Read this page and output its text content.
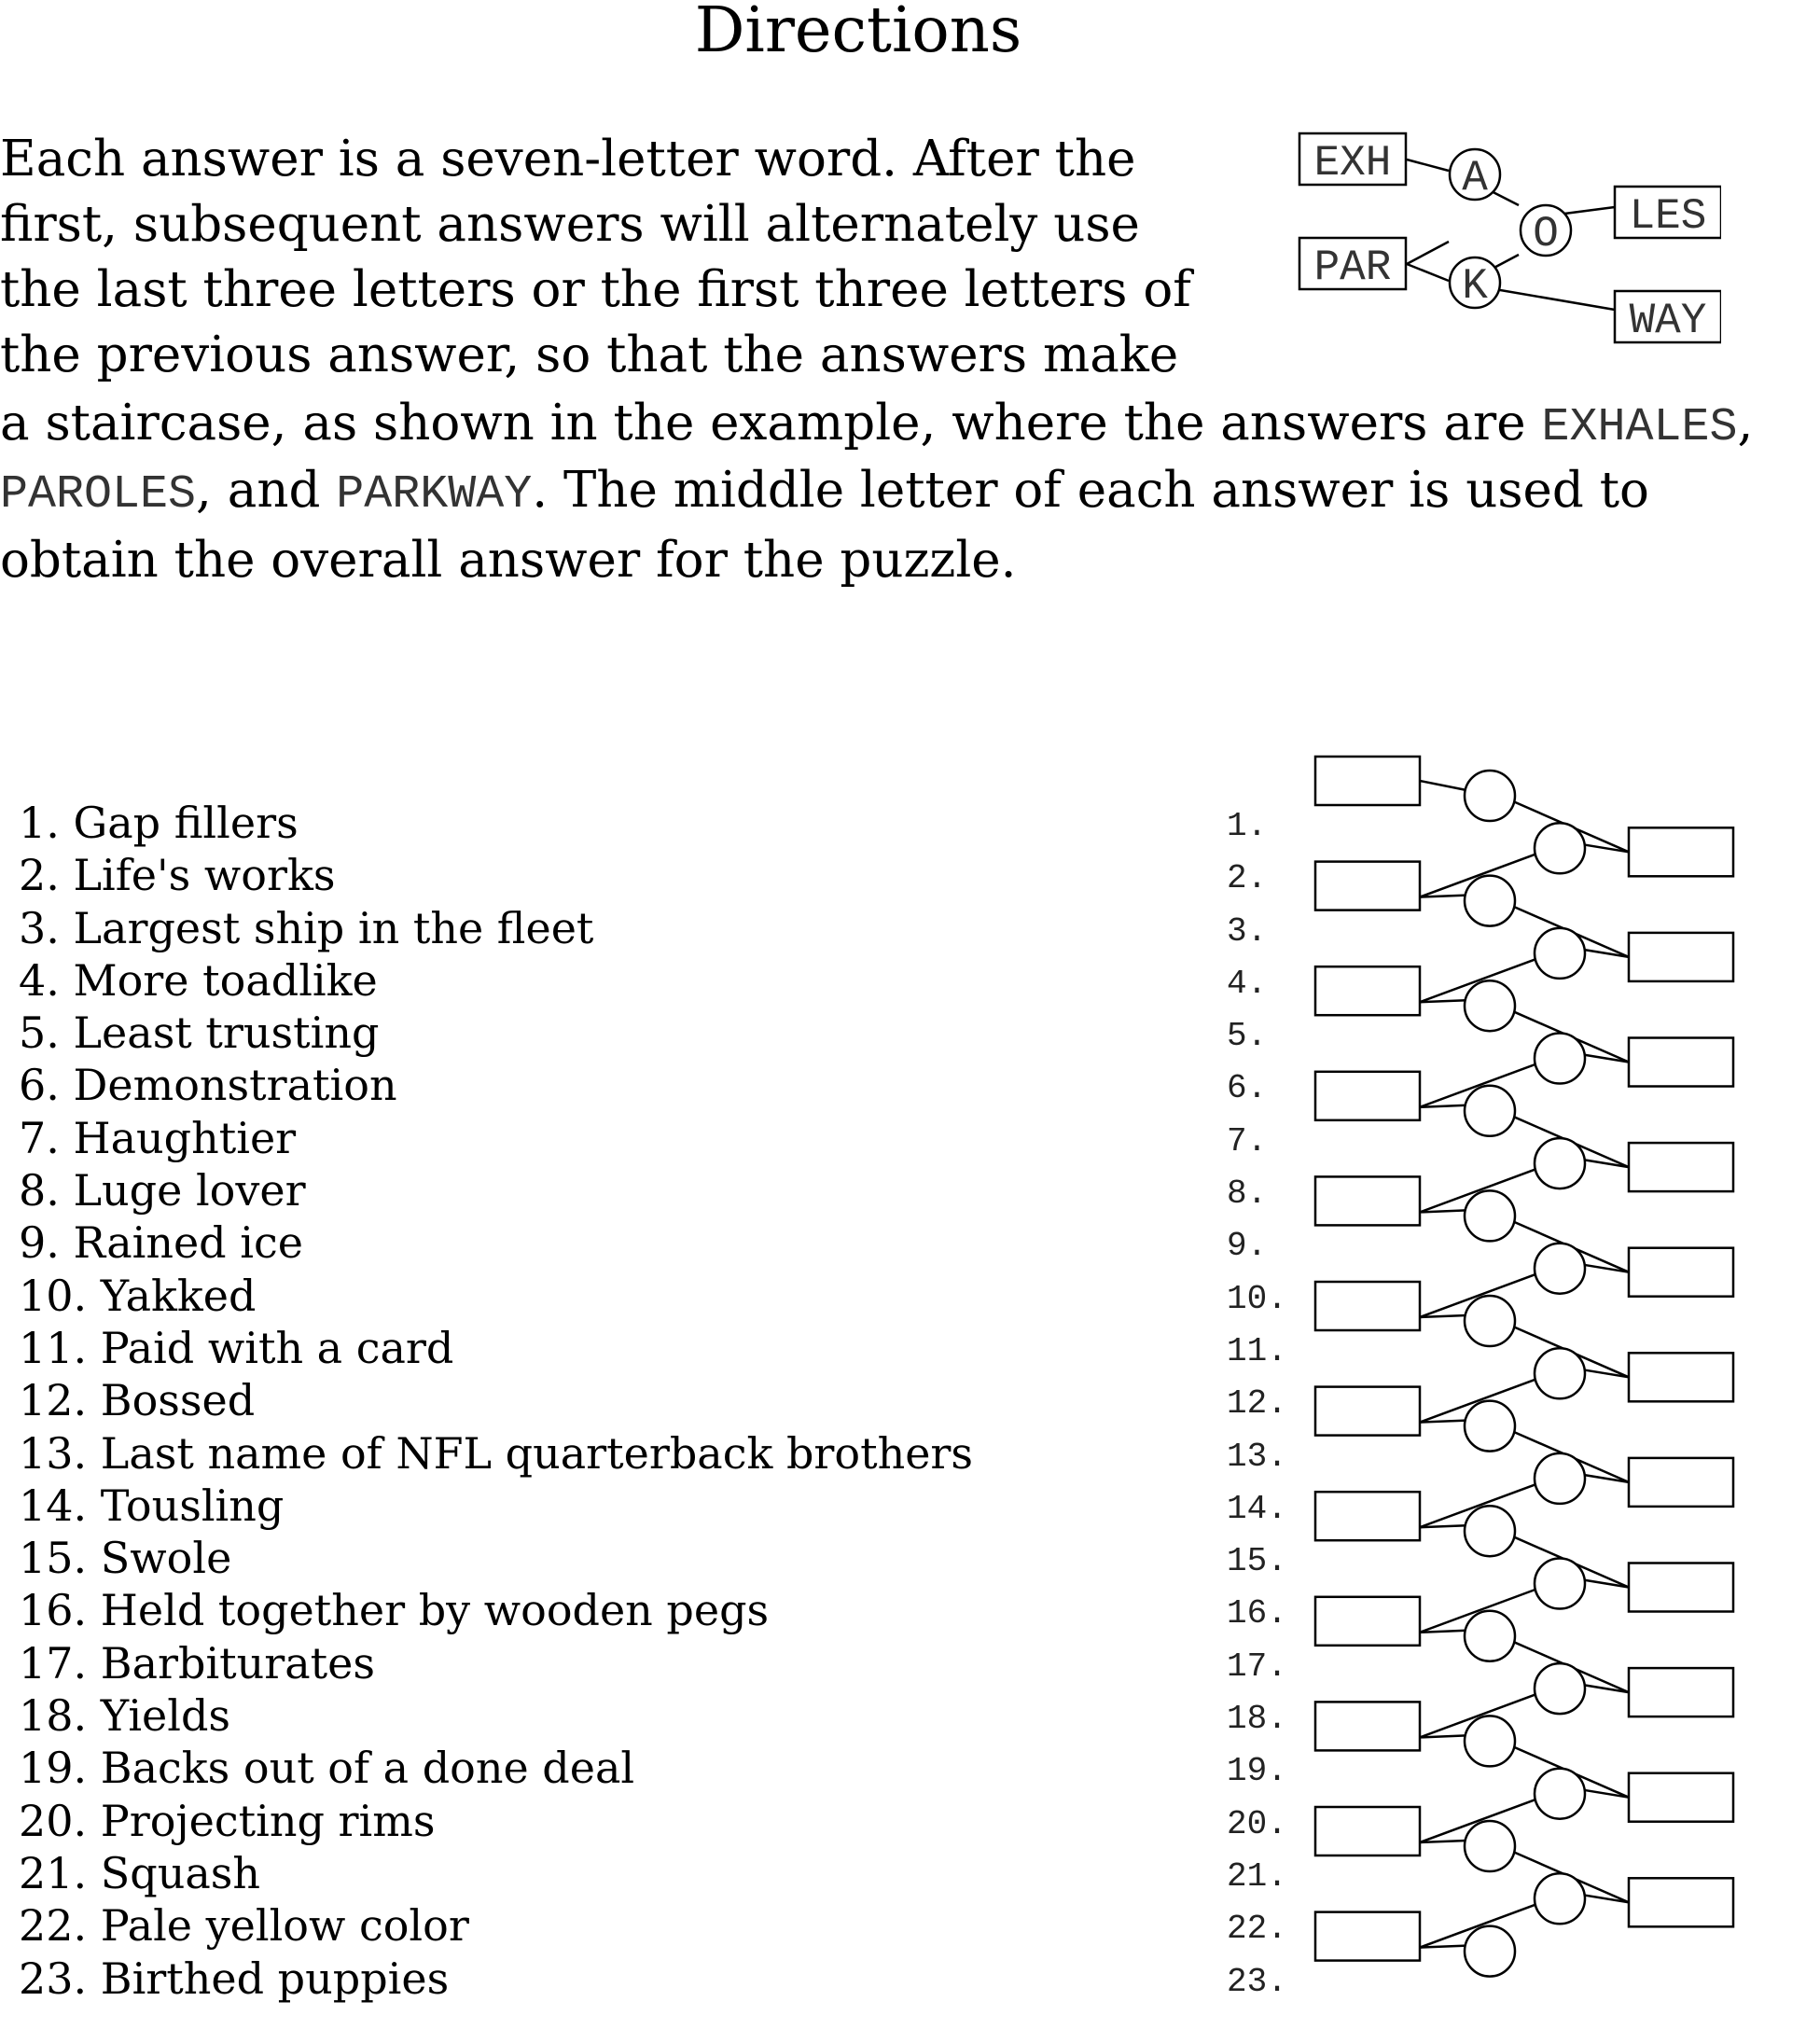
Directions
Each answer is a seven-letter word. After the
first, subsequent answers will alternately use
the last three letters or the first three letters of
the previous answer, so that the answers make
a staircase, as shown in the example, where the answers are EXHALES,
PAROLES, and PARKWAY. The middle letter of each answer is used to
obtain the overall answer for the puzzle.
EXH
PAR
A
O
K
LES
WAY
1. Gap fillers
2. Life's works
3. Largest ship in the fleet
4. More toadlike
5. Least trusting
6. Demonstration
7. Haughtier
8. Luge lover
9. Rained ice
10. Yakked
11. Paid with a card
12. Bossed
13. Last name of NFL quarterback brothers
14. Tousling
15. Swole
16. Held together by wooden pegs
17. Barbiturates
18. Yields
19. Backs out of a done deal
20. Projecting rims
21. Squash
22. Pale yellow color
23. Birthed puppies
1.
2.
3.
4.
5.
6.
7.
8.
9.
10.
11.
12.
13.
14.
15.
16.
17.
18.
19.
20.
21.
22.
23.
